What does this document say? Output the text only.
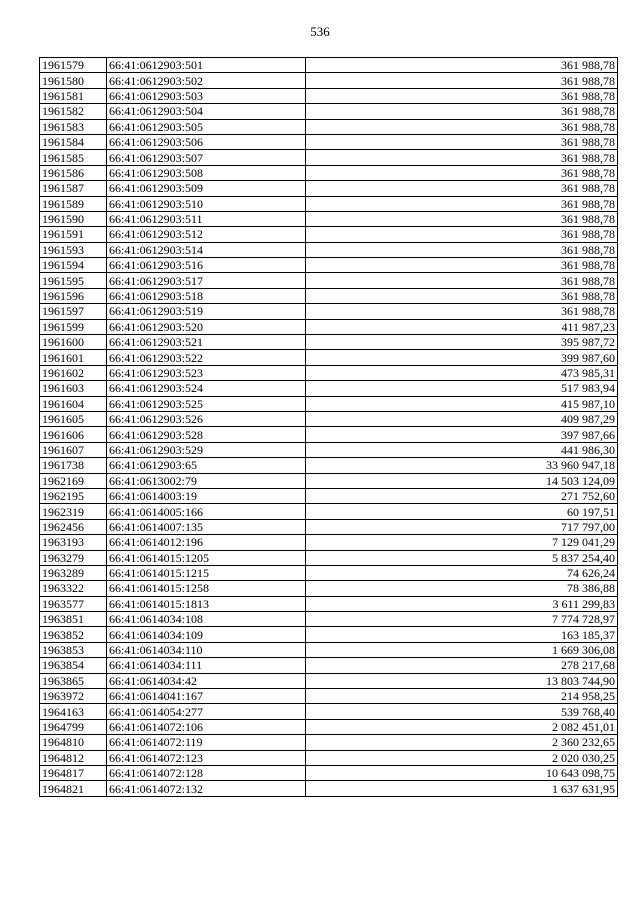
536
1961579	66:41:0612903:501	361 988,78
1961580	66:41:0612903:502	361 988,78
1961581	66:41:0612903:503	361 988,78
1961582	66:41:0612903:504	361 988,78
1961583	66:41:0612903:505	361 988,78
1961584	66:41:0612903:506	361 988,78
1961585	66:41:0612903:507	361 988,78
1961586	66:41:0612903:508	361 988,78
1961587	66:41:0612903:509	361 988,78
1961589	66:41:0612903:510	361 988,78
1961590	66:41:0612903:511	361 988,78
1961591	66:41:0612903:512	361 988,78
1961593	66:41:0612903:514	361 988,78
1961594	66:41:0612903:516	361 988,78
1961595	66:41:0612903:517	361 988,78
1961596	66:41:0612903:518	361 988,78
1961597	66:41:0612903:519	361 988,78
1961599	66:41:0612903:520	411 987,23
1961600	66:41:0612903:521	395 987,72
1961601	66:41:0612903:522	399 987,60
1961602	66:41:0612903:523	473 985,31
1961603	66:41:0612903:524	517 983,94
1961604	66:41:0612903:525	415 987,10
1961605	66:41:0612903:526	409 987,29
1961606	66:41:0612903:528	397 987,66
1961607	66:41:0612903:529	441 986,30
1961738	66:41:0612903:65	33 960 947,18
1962169	66:41:0613002:79	14 503 124,09
1962195	66:41:0614003:19	271 752,60
1962319	66:41:0614005:166	60 197,51
1962456	66:41:0614007:135	717 797,00
1963193	66:41:0614012:196	7 129 041,29
1963279	66:41:0614015:1205	5 837 254,40
1963289	66:41:0614015:1215	74 626,24
1963322	66:41:0614015:1258	78 386,88
1963577	66:41:0614015:1813	3 611 299,83
1963851	66:41:0614034:108	7 774 728,97
1963852	66:41:0614034:109	163 185,37
1963853	66:41:0614034:110	1 669 306,08
1963854	66:41:0614034:111	278 217,68
1963865	66:41:0614034:42	13 803 744,90
1963972	66:41:0614041:167	214 958,25
1964163	66:41:0614054:277	539 768,40
1964799	66:41:0614072:106	2 082 451,01
1964810	66:41:0614072:119	2 360 232,65
1964812	66:41:0614072:123	2 020 030,25
1964817	66:41:0614072:128	10 643 098,75
1964821	66:41:0614072:132	1 637 631,95
